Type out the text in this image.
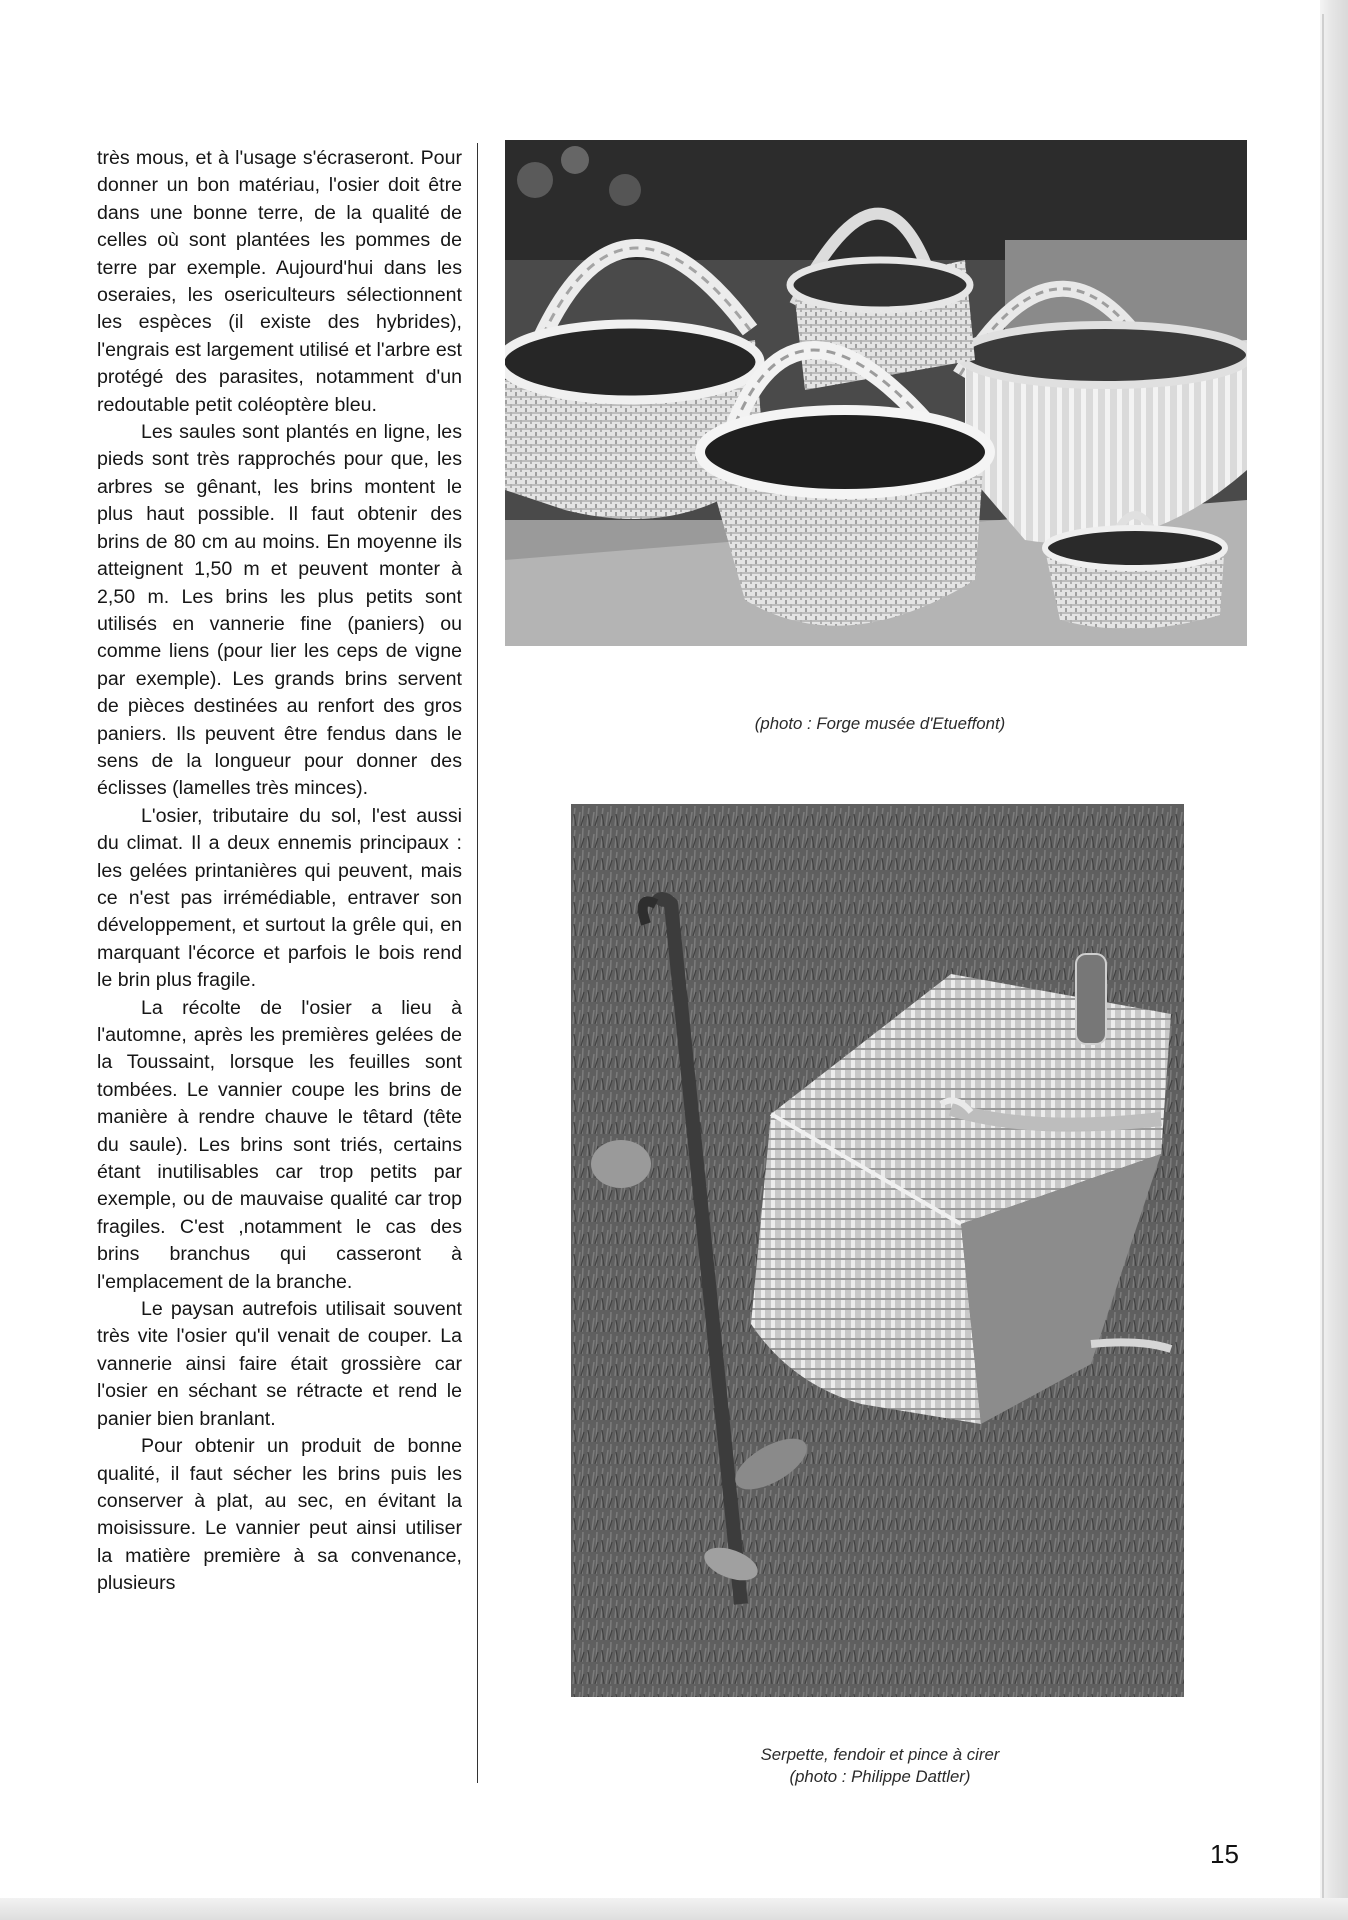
très mous, et à l'usage s'écraseront. Pour donner un bon matériau, l'osier doit être dans une bonne terre, de la qualité de celles où sont plantées les pommes de terre par exemple. Aujourd'hui dans les oseraies, les osericulteurs sélectionnent les espèces (il existe des hybrides), l'engrais est largement utilisé et l'arbre est protégé des parasites, notamment d'un redoutable petit coléoptère bleu.

Les saules sont plantés en ligne, les pieds sont très rapprochés pour que, les arbres se gênant, les brins montent le plus haut possible. Il faut obtenir des brins de 80 cm au moins. En moyenne ils atteignent 1,50 m et peuvent monter à 2,50 m. Les brins les plus petits sont utilisés en vannerie fine (paniers) ou comme liens (pour lier les ceps de vigne par exemple). Les grands brins servent de pièces destinées au renfort des gros paniers. Ils peuvent être fendus dans le sens de la longueur pour donner des éclisses (lamelles très minces).

L'osier, tributaire du sol, l'est aussi du climat. Il a deux ennemis principaux : les gelées printanières qui peuvent, mais ce n'est pas irrémédiable, entraver son développement, et surtout la grêle qui, en marquant l'écorce et parfois le bois rend le brin plus fragile.

La récolte de l'osier a lieu à l'automne, après les premières gelées de la Toussaint, lorsque les feuilles sont tombées. Le vannier coupe les brins de manière à rendre chauve le têtard (tête du saule). Les brins sont triés, certains étant inutilisables car trop petits par exemple, ou de mauvaise qualité car trop fragiles. C'est ,notamment le cas des brins branchus qui casseront à l'emplacement de la branche.

Le paysan autrefois utilisait souvent très vite l'osier qu'il venait de couper. La vannerie ainsi faire était grossière car l'osier en séchant se rétracte et rend le panier bien branlant.

Pour obtenir un produit de bonne qualité, il faut sécher les brins puis les conserver à plat, au sec, en évitant la moisissure. Le vannier peut ainsi utiliser la matière première à sa convenance, plusieurs

(photo : Forge musée d'Etueffont)
Serpette, fendoir et pince à cirer
(photo : Philippe Dattler)
15
